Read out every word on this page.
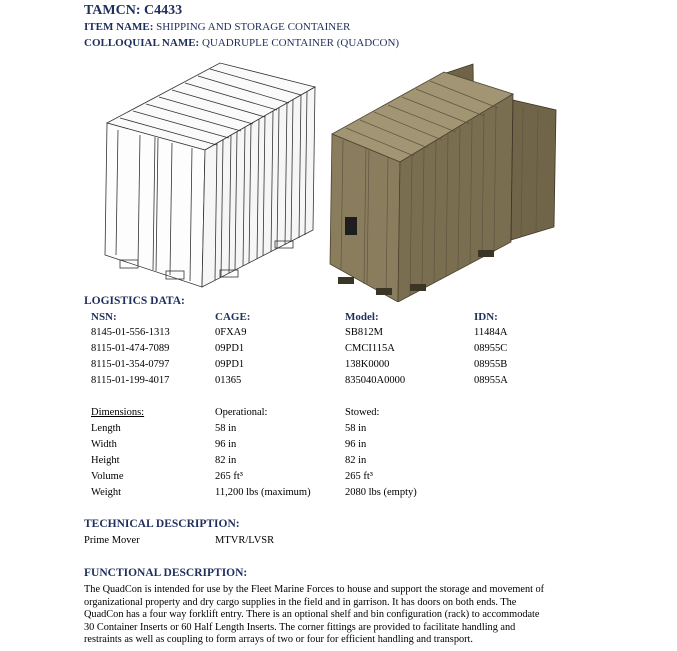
TAMCN: C4433
ITEM NAME: SHIPPING AND STORAGE CONTAINER
COLLOQUIAL NAME: QUADRUPLE CONTAINER (QUADCON)
LOGISTICS DATA:
NSN:	CAGE:	Model:	IDN:
8145-01-556-1313	0FXA9	SB812M	11484A
8115-01-474-7089	09PD1	CMCI115A	08955C
8115-01-354-0797	09PD1	138K0000	08955B
8115-01-199-4017	01365	835040A0000	08955A
Dimensions:	Operational:	Stowed:
Length	58 in	58 in
Width	96 in	96 in
Height	82 in	82 in
Volume	265 ft³	265 ft³
Weight	11,200 lbs (maximum)	2080 lbs (empty)
TECHNICAL DESCRIPTION:
Prime Mover	MTVR/LVSR
FUNCTIONAL DESCRIPTION:
The QuadCon is intended for use by the Fleet Marine Forces to house and support the storage and movement of
organizational property and dry cargo supplies in the field and in garrison. It has doors on both ends. The
QuadCon has a four way forklift entry. There is an optional shelf and bin configuration (rack) to accommodate
30 Container Inserts or 60 Half Length Inserts. The corner fittings are provided to facilitate handling and
restraints as well as coupling to form arrays of two or four for efficient handling and transport.
